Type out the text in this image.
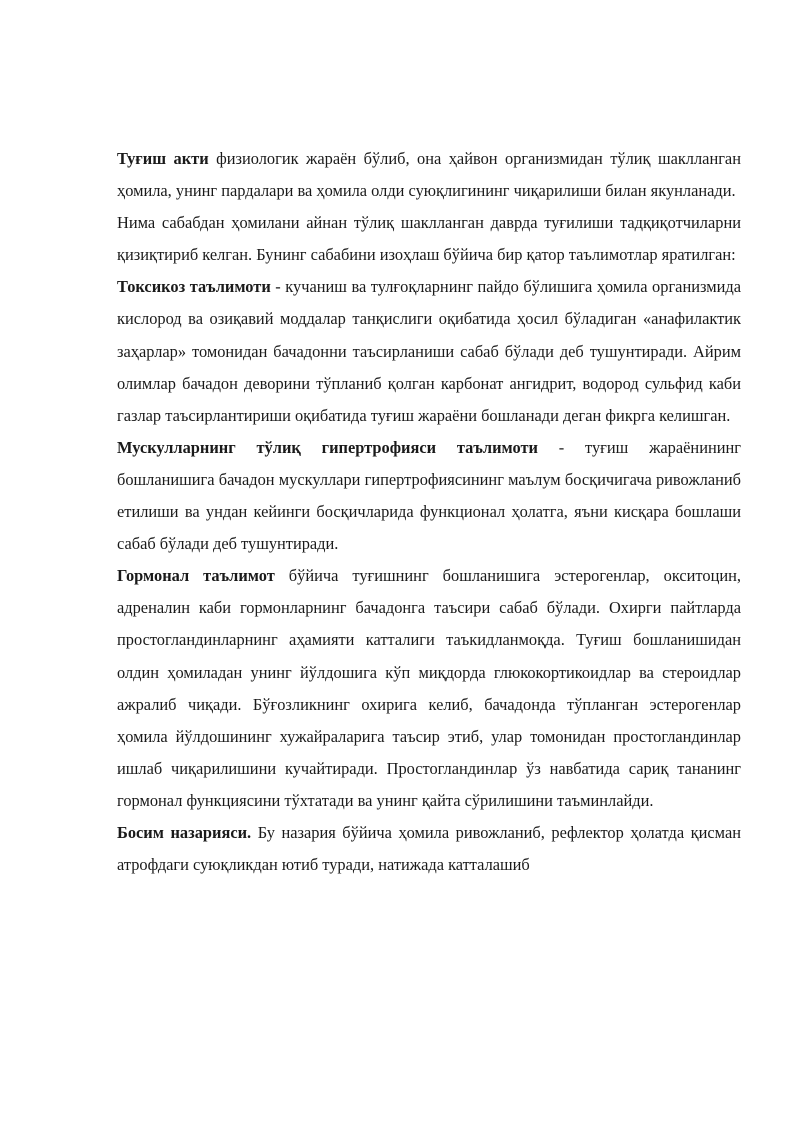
Туғиш акти физиологик жараён бўлиб, она ҳайвон организмидан тўлиқ шаклланган ҳомила, унинг пардалари ва ҳомила олди суюқлигининг чиқарилиши билан якунланади.

Нима сабабдан ҳомилани айнан тўлиқ шаклланган даврда туғилиши тадқиқотчиларни қизиқтириб келган. Бунинг сабабини изоҳлаш бўйича бир қатор таълимотлар яратилган:

Токсикоз таълимоти - кучаниш ва тулғоқларнинг пайдо бўлишига ҳомила организмида кислород ва озиқавий моддалар танқислиги оқибатида ҳосил бўладиган «анафилактик заҳарлар» томонидан бачадонни таъсирланиши сабаб бўлади деб тушунтиради. Айрим олимлар бачадон деворини тўпланиб қолган карбонат ангидрит, водород сульфид каби газлар таъсирлантириши оқибатида туғиш жараёни бошланади деган фикрга келишган.

Мускулларнинг тўлиқ гипертрофияси таълимоти - туғиш жараёнининг бошланишига бачадон мускуллари гипертрофиясининг маълум босқичигача ривожланиб етилиши ва ундан кейинги босқичларида функционал ҳолатга, яъни кисқара бошлаши сабаб бўлади деб тушунтиради.

Гормонал таълимот бўйича туғишнинг бошланишига эстерогенлар, окситоцин, адреналин каби гормонларнинг бачадонга таъсири сабаб бўлади. Охирги пайтларда простогландинларнинг аҳамияти катталиги таъкидланмоқда. Туғиш бошланишидан олдин ҳомиладан унинг йўлдошига кўп миқдорда глюкокортикоидлар ва стероидлар ажралиб чиқади. Бўғозликнинг охирига келиб, бачадонда тўпланган эстерогенлар ҳомила йўлдошининг хужайраларига таъсир этиб, улар томонидан простогландинлар ишлаб чиқарилишини кучайтиради. Простогландинлар ўз навбатида сариқ тананинг гормонал функциясини тўхтатади ва унинг қайта сўрилишини таъминлайди.

Босим назарияси. Бу назария бўйича ҳомила ривожланиб, рефлектор ҳолатда қисман атрофдаги суюқликдан ютиб туради, натижада катталашиб
